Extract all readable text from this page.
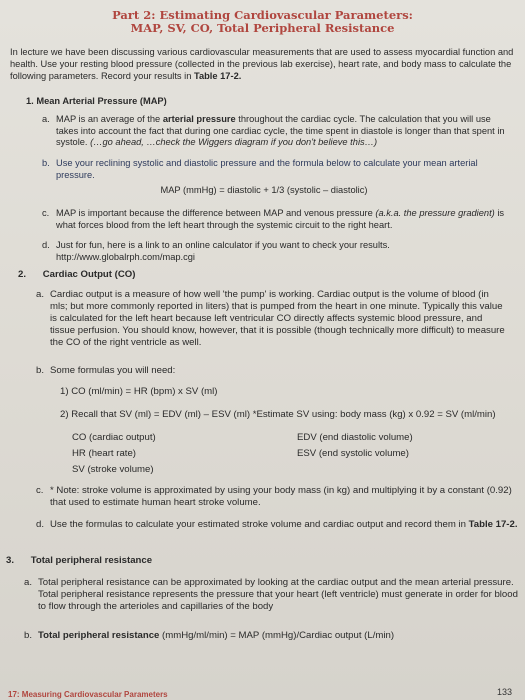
Part 2: Estimating Cardiovascular Parameters:
MAP, SV, CO, Total Peripheral Resistance
In lecture we have been discussing various cardiovascular measurements that are used to assess myocardial function and health. Use your resting blood pressure (collected in the previous lab exercise), heart rate, and body mass to calculate the following parameters. Record your results in Table 17-2.
1. Mean Arterial Pressure (MAP)
a. MAP is an average of the arterial pressure throughout the cardiac cycle. The calculation that you will use takes into account the fact that during one cardiac cycle, the time spent in diastole is longer than that spent in systole. (…go ahead, …check the Wiggers diagram if you don't believe this…)
b. Use your reclining systolic and diastolic pressure and the formula below to calculate your mean arterial pressure.
MAP (mmHg) = diastolic + 1/3 (systolic – diastolic)
c. MAP is important because the difference between MAP and venous pressure (a.k.a. the pressure gradient) is what forces blood from the left heart through the systemic circuit to the right heart.
d. Just for fun, here is a link to an online calculator if you want to check your results.
http://www.globalrph.com/map.cgi
2. Cardiac Output (CO)
a. Cardiac output is a measure of how well 'the pump' is working. Cardiac output is the volume of blood (in mls; but more commonly reported in liters) that is pumped from the heart in one minute. Typically this value is calculated for the left heart because left ventricular CO directly affects systemic blood pressure, and tissue perfusion. You should know, however, that it is possible (though technically more difficult) to measure the CO of the right ventricle as well.
b. Some formulas you will need:
1) CO (ml/min) = HR (bpm) x SV (ml)
2) Recall that SV (ml) = EDV (ml) – ESV (ml) *Estimate SV using: body mass (kg) x 0.92 = SV (ml/min)
CO (cardiac output)
HR (heart rate)
SV (stroke volume)
EDV (end diastolic volume)
ESV (end systolic volume)
c. * Note: stroke volume is approximated by using your body mass (in kg) and multiplying it by a constant (0.92) that used to estimate human heart stroke volume.
d. Use the formulas to calculate your estimated stroke volume and cardiac output and record them in Table 17-2.
3. Total peripheral resistance
a. Total peripheral resistance can be approximated by looking at the cardiac output and the mean arterial pressure. Total peripheral resistance represents the pressure that your heart (left ventricle) must generate in order for blood to flow through the arterioles and capillaries of the body
b. Total peripheral resistance (mmHg/ml/min) = MAP (mmHg)/Cardiac output (L/min)
17: Measuring Cardiovascular Parameters	133
